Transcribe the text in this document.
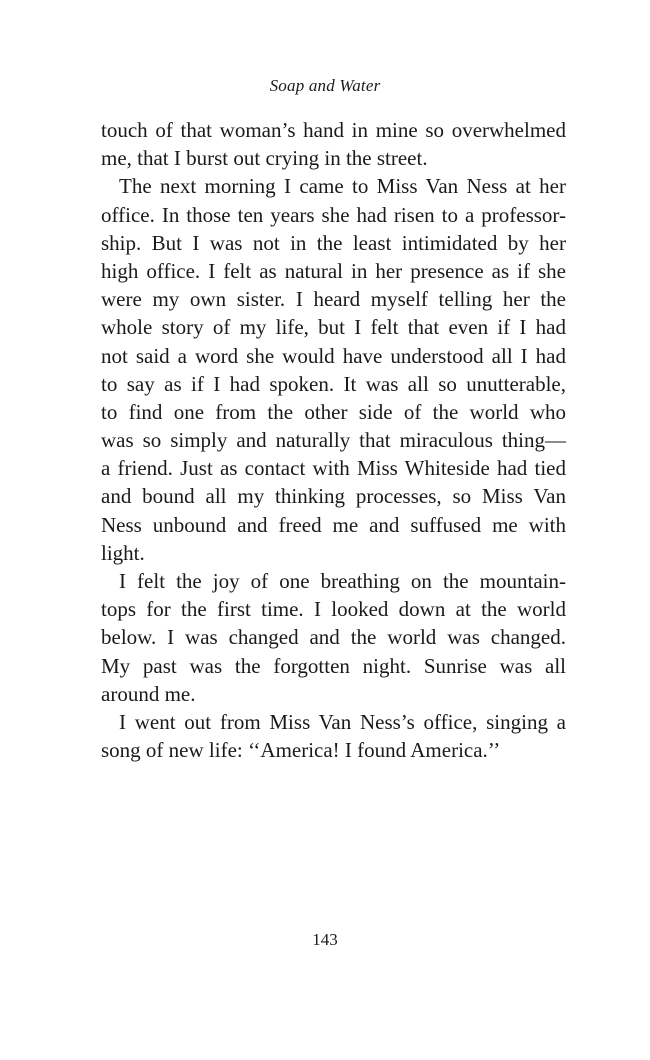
Soap and Water
touch of that woman’s hand in mine so overwhelmed
me, that I burst out crying in the street.
The next morning I came to Miss Van Ness at her
office. In those ten years she had risen to a professor-
ship. But I was not in the least intimidated by her
high office. I felt as natural in her presence as if she
were my own sister. I heard myself telling her the
whole story of my life, but I felt that even if I had
not said a word she would have understood all I had
to say as if I had spoken. It was all so unutterable,
to find one from the other side of the world who
was so simply and naturally that miraculous thing—
a friend. Just as contact with Miss Whiteside had tied
and bound all my thinking processes, so Miss Van
Ness unbound and freed me and suffused me with
light.
I felt the joy of one breathing on the mountain-
tops for the first time. I looked down at the world
below. I was changed and the world was changed.
My past was the forgotten night. Sunrise was all
around me.
I went out from Miss Van Ness’s office, singing a
song of new life: ‘‘America! I found America.’’
143
